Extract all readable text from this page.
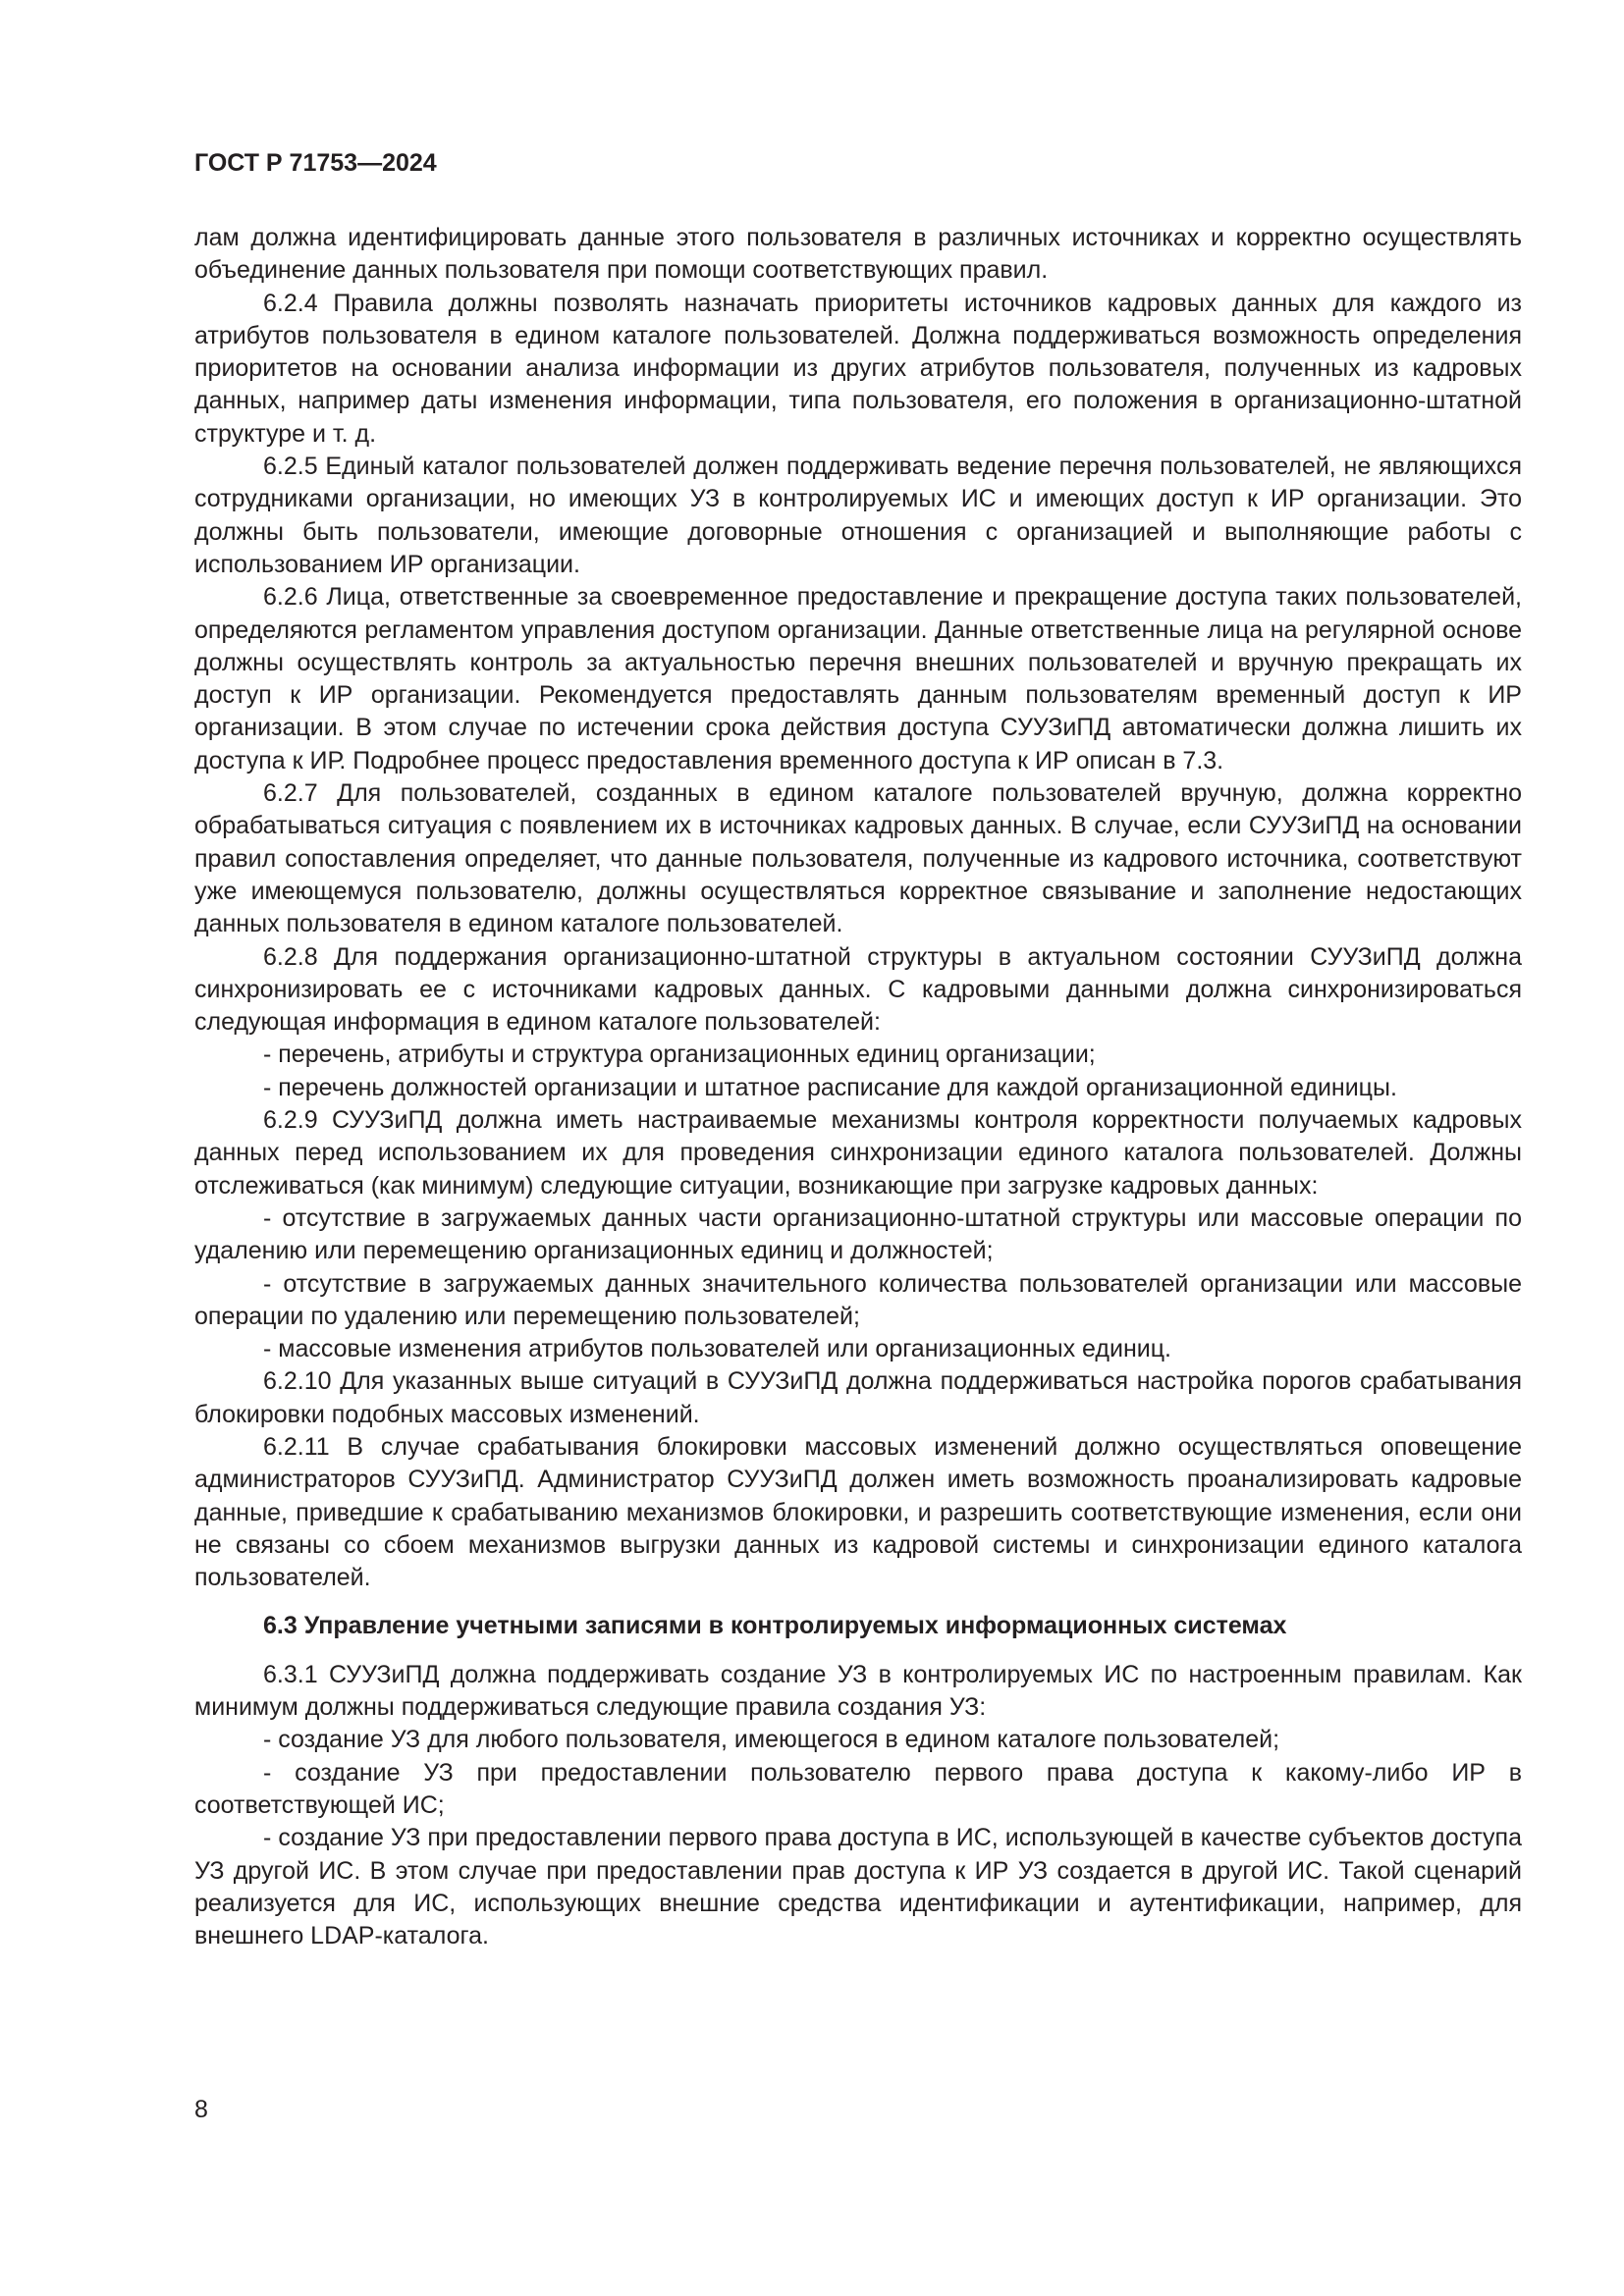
ГОСТ Р 71753—2024

лам должна идентифицировать данные этого пользователя в различных источниках и корректно осуществлять объединение данных пользователя при помощи соответствующих правил.

6.2.4 Правила должны позволять назначать приоритеты источников кадровых данных для каждого из атрибутов пользователя в едином каталоге пользователей. Должна поддерживаться возможность определения приоритетов на основании анализа информации из других атрибутов пользователя, полученных из кадровых данных, например даты изменения информации, типа пользователя, его положения в организационно-штатной структуре и т. д.

6.2.5 Единый каталог пользователей должен поддерживать ведение перечня пользователей, не являющихся сотрудниками организации, но имеющих УЗ в контролируемых ИС и имеющих доступ к ИР организации. Это должны быть пользователи, имеющие договорные отношения с организацией и выполняющие работы с использованием ИР организации.

6.2.6 Лица, ответственные за своевременное предоставление и прекращение доступа таких пользователей, определяются регламентом управления доступом организации. Данные ответственные лица на регулярной основе должны осуществлять контроль за актуальностью перечня внешних пользователей и вручную прекращать их доступ к ИР организации. Рекомендуется предоставлять данным пользователям временный доступ к ИР организации. В этом случае по истечении срока действия доступа СУУЗиПД автоматически должна лишить их доступа к ИР. Подробнее процесс предоставления временного доступа к ИР описан в 7.3.

6.2.7 Для пользователей, созданных в едином каталоге пользователей вручную, должна корректно обрабатываться ситуация с появлением их в источниках кадровых данных. В случае, если СУУЗиПД на основании правил сопоставления определяет, что данные пользователя, полученные из кадрового источника, соответствуют уже имеющемуся пользователю, должны осуществляться корректное связывание и заполнение недостающих данных пользователя в едином каталоге пользователей.

6.2.8 Для поддержания организационно-штатной структуры в актуальном состоянии СУУЗиПД должна синхронизировать ее с источниками кадровых данных. С кадровыми данными должна синхронизироваться следующая информация в едином каталоге пользователей:

- перечень, атрибуты и структура организационных единиц организации;

- перечень должностей организации и штатное расписание для каждой организационной единицы.

6.2.9 СУУЗиПД должна иметь настраиваемые механизмы контроля корректности получаемых кадровых данных перед использованием их для проведения синхронизации единого каталога пользователей. Должны отслеживаться (как минимум) следующие ситуации, возникающие при загрузке кадровых данных:

- отсутствие в загружаемых данных части организационно-штатной структуры или массовые операции по удалению или перемещению организационных единиц и должностей;

- отсутствие в загружаемых данных значительного количества пользователей организации или массовые операции по удалению или перемещению пользователей;

- массовые изменения атрибутов пользователей или организационных единиц.

6.2.10 Для указанных выше ситуаций в СУУЗиПД должна поддерживаться настройка порогов срабатывания блокировки подобных массовых изменений.

6.2.11 В случае срабатывания блокировки массовых изменений должно осуществляться оповещение администраторов СУУЗиПД. Администратор СУУЗиПД должен иметь возможность проанализировать кадровые данные, приведшие к срабатыванию механизмов блокировки, и разрешить соответствующие изменения, если они не связаны со сбоем механизмов выгрузки данных из кадровой системы и синхронизации единого каталога пользователей.

6.3 Управление учетными записями в контролируемых информационных системах

6.3.1 СУУЗиПД должна поддерживать создание УЗ в контролируемых ИС по настроенным правилам. Как минимум должны поддерживаться следующие правила создания УЗ:

- создание УЗ для любого пользователя, имеющегося в едином каталоге пользователей;

- создание УЗ при предоставлении пользователю первого права доступа к какому-либо ИР в соответствующей ИС;

- создание УЗ при предоставлении первого права доступа в ИС, использующей в качестве субъектов доступа УЗ другой ИС. В этом случае при предоставлении прав доступа к ИР УЗ создается в другой ИС. Такой сценарий реализуется для ИС, использующих внешние средства идентификации и аутентификации, например, для внешнего LDAP-каталога.

8
